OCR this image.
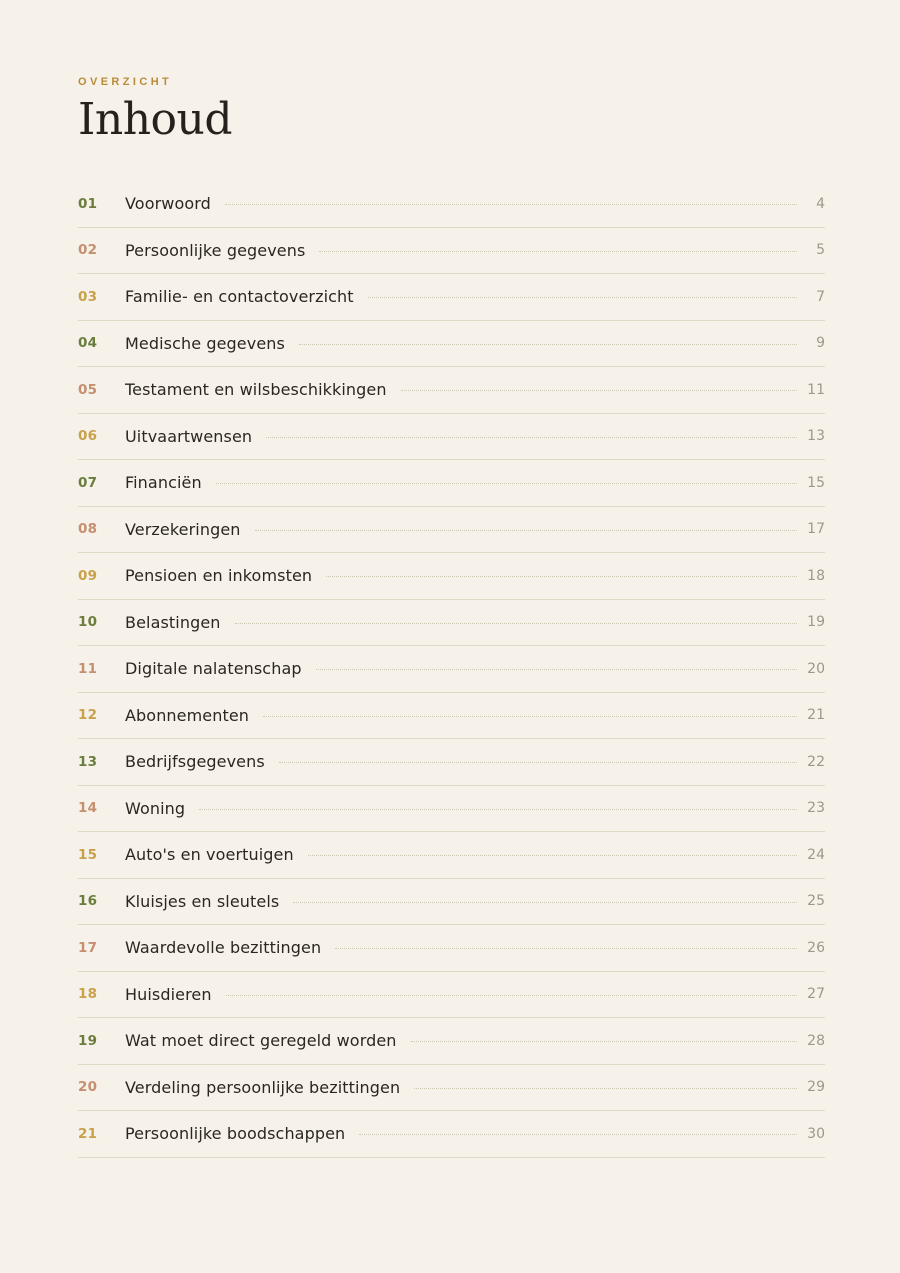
OVERZICHT
Inhoud
01	Voorwoord	4
02	Persoonlijke gegevens	5
03	Familie- en contactoverzicht	7
04	Medische gegevens	9
05	Testament en wilsbeschikkingen	11
06	Uitvaartwensen	13
07	Financiën	15
08	Verzekeringen	17
09	Pensioen en inkomsten	18
10	Belastingen	19
11	Digitale nalatenschap	20
12	Abonnementen	21
13	Bedrijfsgegevens	22
14	Woning	23
15	Auto's en voertuigen	24
16	Kluisjes en sleutels	25
17	Waardevolle bezittingen	26
18	Huisdieren	27
19	Wat moet direct geregeld worden	28
20	Verdeling persoonlijke bezittingen	29
21	Persoonlijke boodschappen	30
